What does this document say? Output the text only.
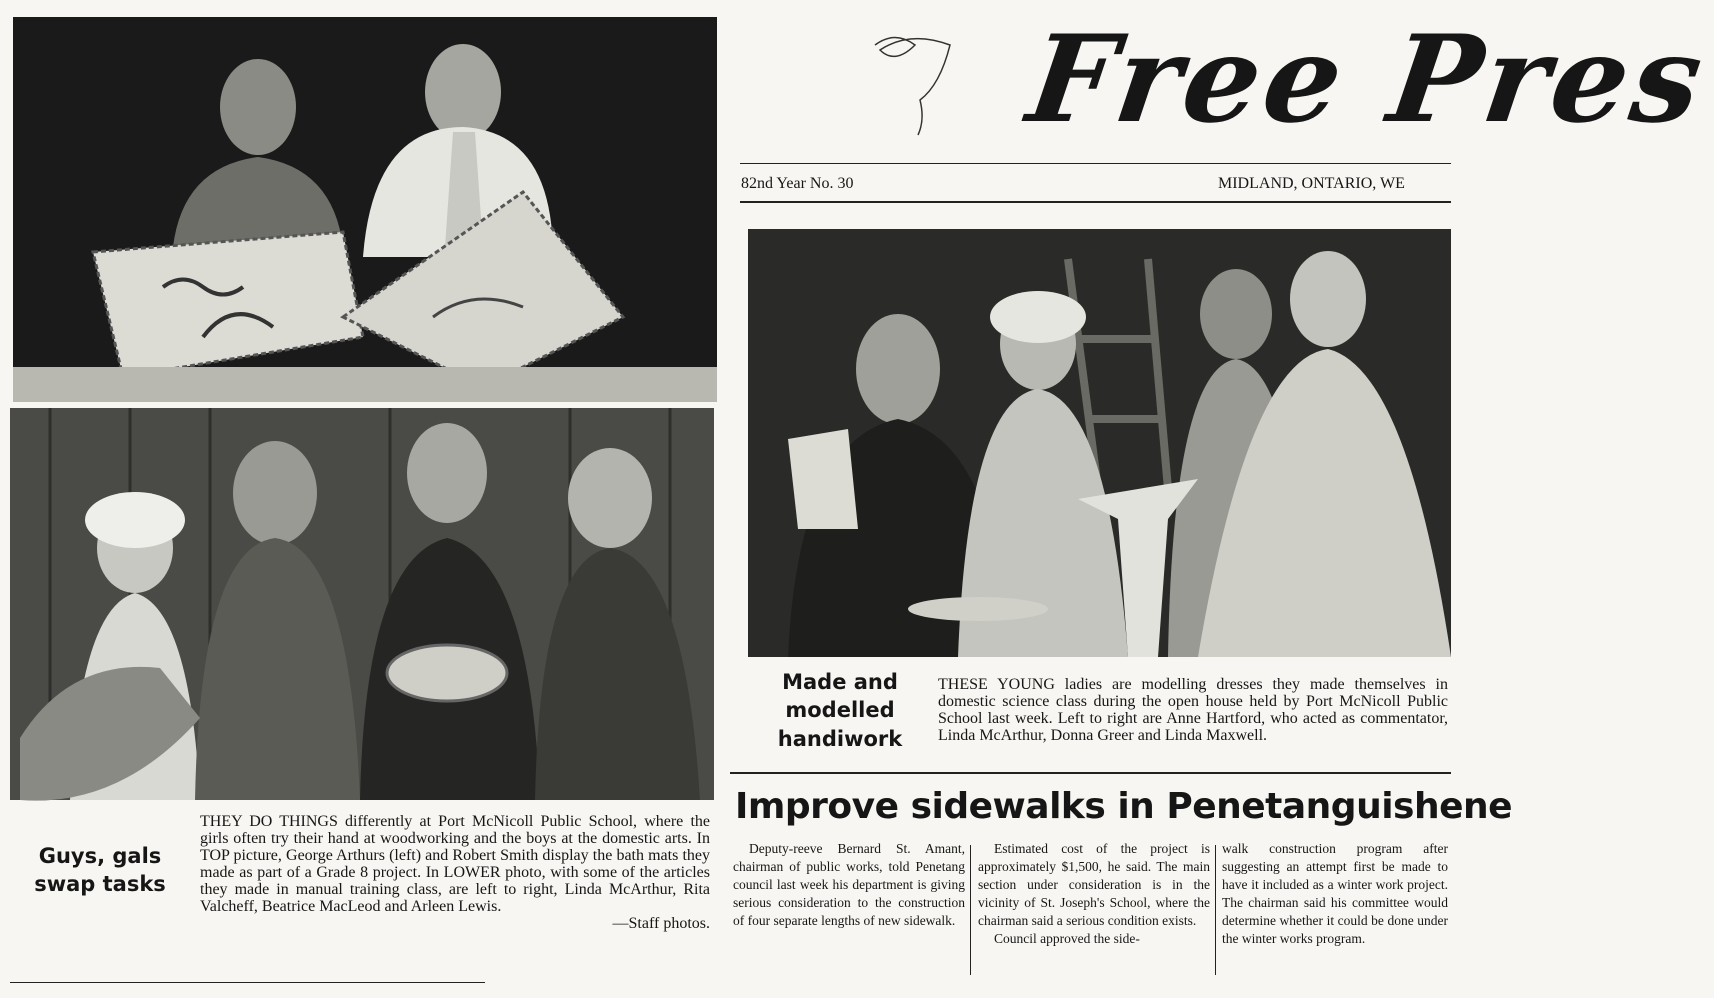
Guys, gals swap tasks
THEY DO THINGS differently at Port McNicoll Public School, where the girls often try their hand at woodworking and the boys at the domestic arts. In TOP picture, George Arthurs (left) and Robert Smith display the bath mats they made as part of a Grade 8 project. In LOWER photo, with some of the articles they made in manual training class, are left to right, Linda McArthur, Rita Valcheff, Beatrice MacLeod and Arleen Lewis.
—Staff photos.
Free Pres
82nd Year No. 30	MIDLAND, ONTARIO, WE
Made and modelled handiwork
THESE YOUNG ladies are modelling dresses they made themselves in domestic science class during the open house held by Port McNicoll Public School last week. Left to right are Anne Hartford, who acted as commentator, Linda McArthur, Donna Greer and Linda Maxwell.
Improve sidewalks in Penetanguishene

Deputy-reeve Bernard St. Amant, chairman of public works, told Penetang council last week his department is giving serious consideration to the construction of four separate lengths of new sidewalk.

Estimated cost of the project is approximately $1,500, he said. The main section under consideration is in the vicinity of St. Joseph's School, where the chairman said a serious condition exists.

Council approved the side-

walk construction program after suggesting an attempt first be made to have it included as a winter work project. The chairman said his committee would determine whether it could be done under the winter works program.
